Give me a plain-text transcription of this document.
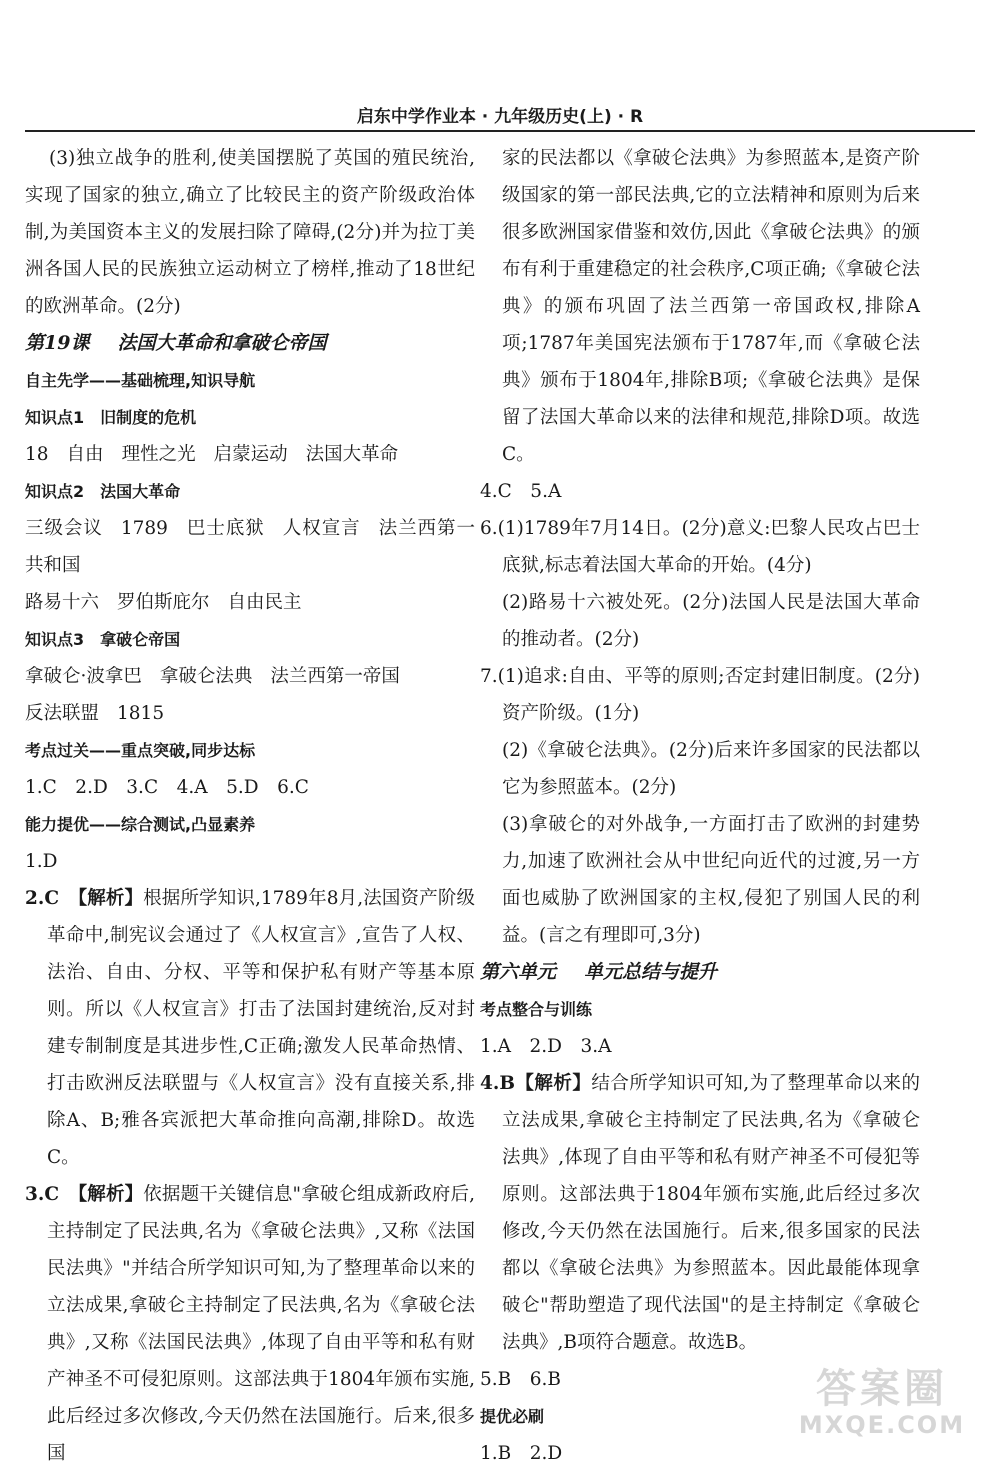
启东中学作业本 · 九年级历史(上) · R

(3)独立战争的胜利,使美国摆脱了英国的殖民统治,实现了国家的独立,确立了比较民主的资产阶级政治体制,为美国资本主义的发展扫除了障碍,(2分)并为拉丁美洲各国人民的民族独立运动树立了榜样,推动了18世纪的欧洲革命。(2分)

第19课 法国大革命和拿破仑帝国

自主先学——基础梳理,知识导航

知识点1　旧制度的危机

18 自由 理性之光 启蒙运动 法国大革命

知识点2　法国大革命

三级会议 1789 巴士底狱 人权宣言 法兰西第一共和国

路易十六 罗伯斯庇尔 自由民主

知识点3　拿破仑帝国

拿破仑·波拿巴 拿破仑法典 法兰西第一帝国

反法联盟 1815

考点过关——重点突破,同步达标

1.C　2.D　3.C　4.A　5.D　6.C

能力提优——综合测试,凸显素养

1.D

2.C　 【解析】根据所学知识,1789年8月,法国资产阶级革命中,制宪议会通过了《人权宣言》,宣告了人权、法治、自由、分权、平等和保护私有财产等基本原则。所以《人权宣言》打击了法国封建统治,反对封建专制制度是其进步性,C正确;激发人民革命热情、打击欧洲反法联盟与《人权宣言》没有直接关系,排除A、B;雅各宾派把大革命推向高潮,排除D。故选C。

3.C　 【解析】依据题干关键信息"拿破仑组成新政府后,主持制定了民法典,名为《拿破仑法典》,又称《法国民法典》"并结合所学知识可知,为了整理革命以来的立法成果,拿破仑主持制定了民法典,名为《拿破仑法典》,又称《法国民法典》,体现了自由平等和私有财产神圣不可侵犯原则。这部法典于1804年颁布实施,此后经过多次修改,今天仍然在法国施行。后来,很多国

家的民法都以《拿破仑法典》为参照蓝本,是资产阶级国家的第一部民法典,它的立法精神和原则为后来很多欧洲国家借鉴和效仿,因此《拿破仑法典》的颁布有利于重建稳定的社会秩序,C项正确;《拿破仑法典》的颁布巩固了法兰西第一帝国政权,排除A项;1787年美国宪法颁布于1787年,而《拿破仑法典》颁布于1804年,排除B项;《拿破仑法典》是保留了法国大革命以来的法律和规范,排除D项。故选C。

4.C　5.A

6.(1)1789年7月14日。(2分)意义:巴黎人民攻占巴士底狱,标志着法国大革命的开始。(4分)

(2)路易十六被处死。(2分)法国人民是法国大革命的推动者。(2分)

7.(1)追求:自由、平等的原则;否定封建旧制度。(2分)资产阶级。(1分)

(2)《拿破仑法典》。(2分)后来许多国家的民法都以它为参照蓝本。(2分)

(3)拿破仑的对外战争,一方面打击了欧洲的封建势力,加速了欧洲社会从中世纪向近代的过渡,另一方面也威胁了欧洲国家的主权,侵犯了别国人民的利益。(言之有理即可,3分)

第六单元 单元总结与提升

考点整合与训练

1.A　2.D　3.A

4.B【解析】结合所学知识可知,为了整理革命以来的立法成果,拿破仑主持制定了民法典,名为《拿破仑法典》,体现了自由平等和私有财产神圣不可侵犯等原则。这部法典于1804年颁布实施,此后经过多次修改,今天仍然在法国施行。后来,很多国家的民法都以《拿破仑法典》为参照蓝本。因此最能体现拿破仑"帮助塑造了现代法国"的是主持制定《拿破仑法典》,B项符合题意。故选B。

5.B　6.B

提优必刷

1.B　2.D

答案圈
MXQE.COM
